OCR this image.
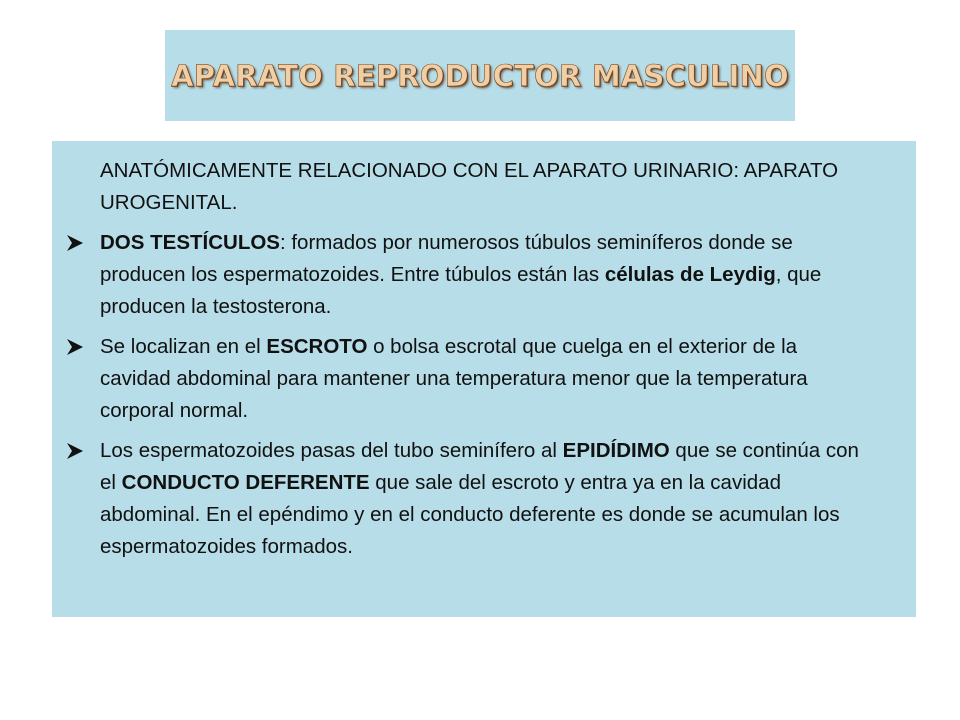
APARATO REPRODUCTOR MASCULINO

ANATÓMICAMENTE RELACIONADO CON EL APARATO URINARIO: APARATO UROGENITAL.

DOS TESTÍCULOS: formados por numerosos túbulos seminíferos donde se producen los espermatozoides. Entre túbulos están las células de Leydig, que producen la testosterona.

Se localizan en el ESCROTO o bolsa escrotal que cuelga en el exterior de la cavidad abdominal para mantener una temperatura menor que la temperatura corporal normal.

Los espermatozoides pasas del tubo seminífero al EPIDÍDIMO que se continúa con el CONDUCTO DEFERENTE que sale del escroto y entra ya en la cavidad abdominal. En el epéndimo y en el conducto deferente es donde se acumulan los espermatozoides formados.
